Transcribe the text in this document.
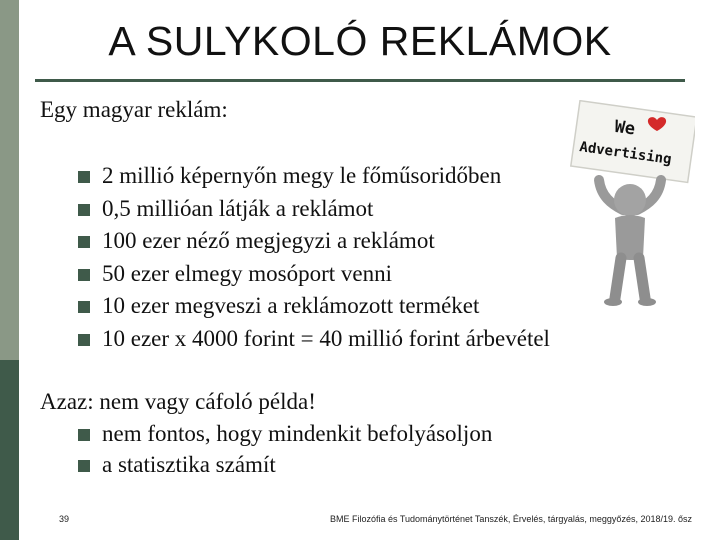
A SULYKOLÓ REKLÁMOK
Egy magyar reklám:
We
Advertising
2 millió képernyőn megy le főműsoridőben
0,5 millióan látják a reklámot
100 ezer néző megjegyzi a reklámot
50 ezer elmegy mosóport venni
10 ezer megveszi a reklámozott terméket
10 ezer x 4000 forint = 40 millió forint árbevétel
Azaz: nem vagy cáfoló példa!
nem fontos, hogy mindenkit befolyásoljon
a statisztika számít
39	BME Filozófia és Tudománytörténet Tanszék, Érvelés, tárgyalás, meggyőzés, 2018/19. ősz
